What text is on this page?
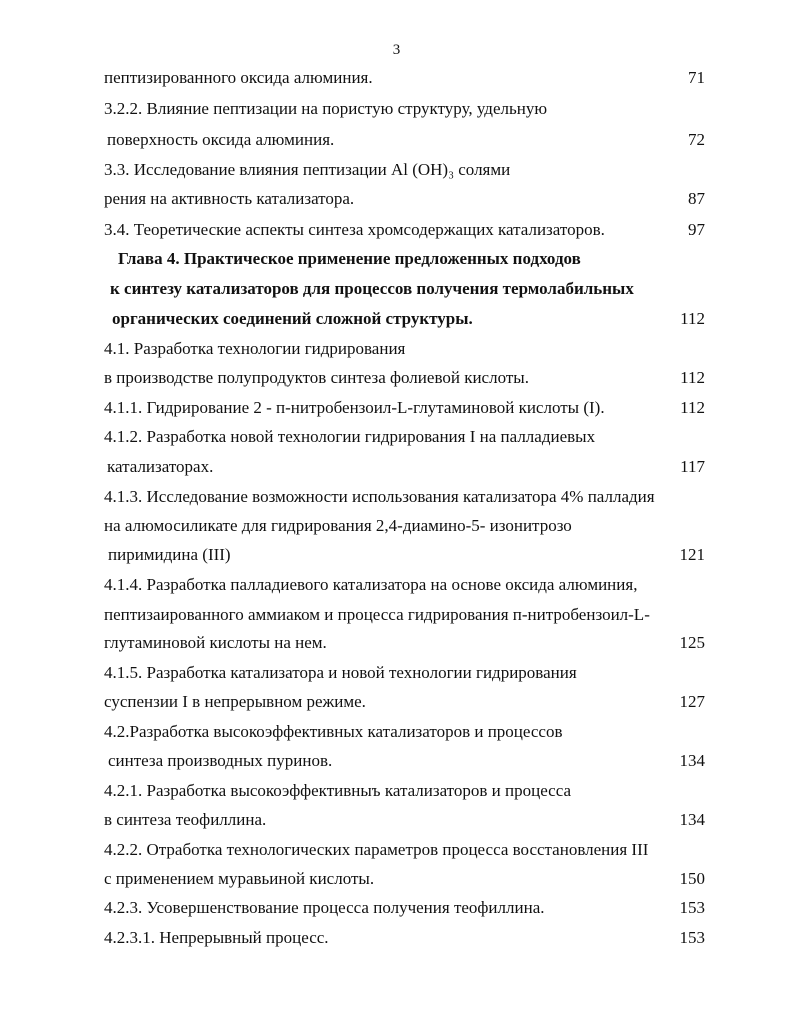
3
пептизированного оксида алюминия.	71
3.2.2. Влияние пептизации на пористую структуру, удельную
поверхность оксида алюминия.	72
3.3. Исследование влияния пептизации Al (OH)₃ солями
рения на активность катализатора.	87
3.4. Теоретические аспекты синтеза хромсодержащих катализаторов.	97
Глава 4. Практическое применение предложенных подходов
к синтезу катализаторов для процессов получения термолабильных
органических соединений сложной структуры.	112
4.1. Разработка технологии гидрирования
в производстве полупродуктов синтеза фолиевой кислоты.	112
4.1.1. Гидрирование 2 - п-нитробензоил-L-глутаминовой кислоты (I).	112
4.1.2. Разработка новой технологии гидрирования I на палладиевых
катализаторах.	117
4.1.3. Исследование возможности использования катализатора 4% палладия
на алюмосиликате для гидрирования 2,4-диамино-5- изонитрозо
пиримидина (III)	121
4.1.4. Разработка палладиевого катализатора на основе оксида алюминия,
пептизаированного аммиаком и процесса гидрирования п-нитробензоил-L-
глутаминовой кислоты на нем.	125
4.1.5. Разработка катализатора и новой технологии гидрирования
суспензии I в непрерывном режиме.	127
4.2.Разработка высокоэффективных катализаторов и процессов
синтеза производных пуринов.	134
4.2.1. Разработка высокоэффективныъ катализаторов и процесса
в синтеза теофиллина.	134
4.2.2. Отработка технологических параметров процесса восстановления III
с применением муравьиной кислоты.	150
4.2.3. Усовершенствование процесса получения теофиллина.	153
4.2.3.1. Непрерывный процесс.	153
